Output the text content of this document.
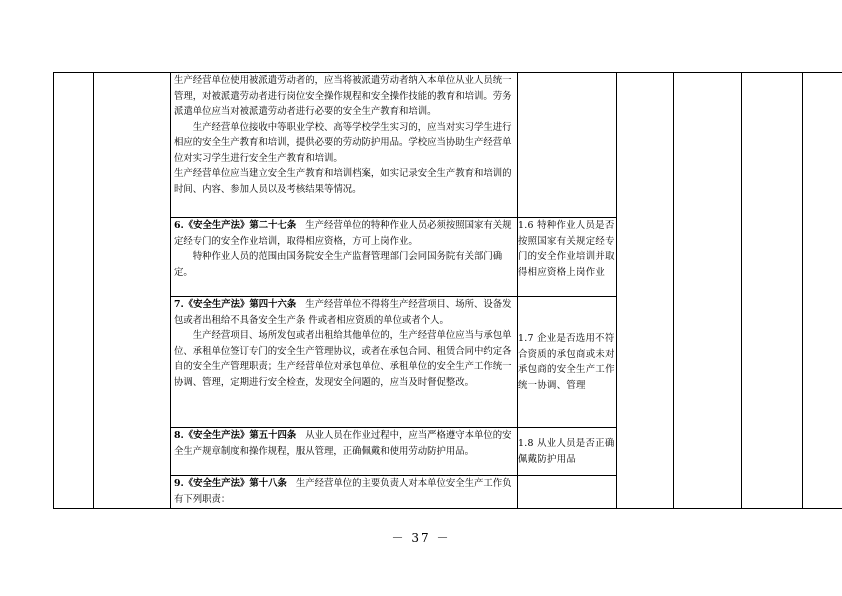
		生产经营单位使用被派遣劳动者的，应当将被派遣劳动者纳入本单位从业人员统一管理，对被派遣劳动者进行岗位安全操作规程和安全操作技能的教育和培训。劳务派遣单位应当对被派遣劳动者进行必要的安全生产教育和培训。

生产经营单位接收中等职业学校、高等学校学生实习的，应当对实习学生进行相应的安全生产教育和培训，提供必要的劳动防护用品。学校应当协助生产经营单位对实习学生进行安全生产教育和培训。

生产经营单位应当建立安全生产教育和培训档案，如实记录安全生产教育和培训的时间、内容、参加人员以及考核结果等情况。					

		6.《安全生产法》第二十七条 生产经营单位的特种作业人员必须按照国家有关规定经专门的安全作业培训，取得相应资格，方可上岗作业。

特种作业人员的范围由国务院安全生产监督管理部门会同国务院有关部门确定。	1.6 特种作业人员是否按照国家有关规定经专门的安全作业培训并取得相应资格上岗作业				

		7.《安全生产法》第四十六条 生产经营单位不得将生产经营项目、场所、设备发包或者出租给不具备安全生产条 件或者相应资质的单位或者个人。

生产经营项目、场所发包或者出租给其他单位的，生产经营单位应当与承包单位、承租单位签订专门的安全生产管理协议，或者在承包合同、租赁合同中约定各自的安全生产管理职责；生产经营单位对承包单位、承租单位的安全生产工作统一协调、管理，定期进行安全检查，发现安全问题的，应当及时督促整改。	1.7 企业是否选用不符合资质的承包商或未对承包商的安全生产工作统一协调、管理				

		8.《安全生产法》第五十四条 从业人员在作业过程中，应当严格遵守本单位的安全生产规章制度和操作规程，服从管理，正确佩戴和使用劳动防护用品。	1.8 从业人员是否正确佩戴防护用品				

		9.《安全生产法》第十八条 生产经营单位的主要负责人对本单位安全生产工作负有下列职责：					

－ 37 －
